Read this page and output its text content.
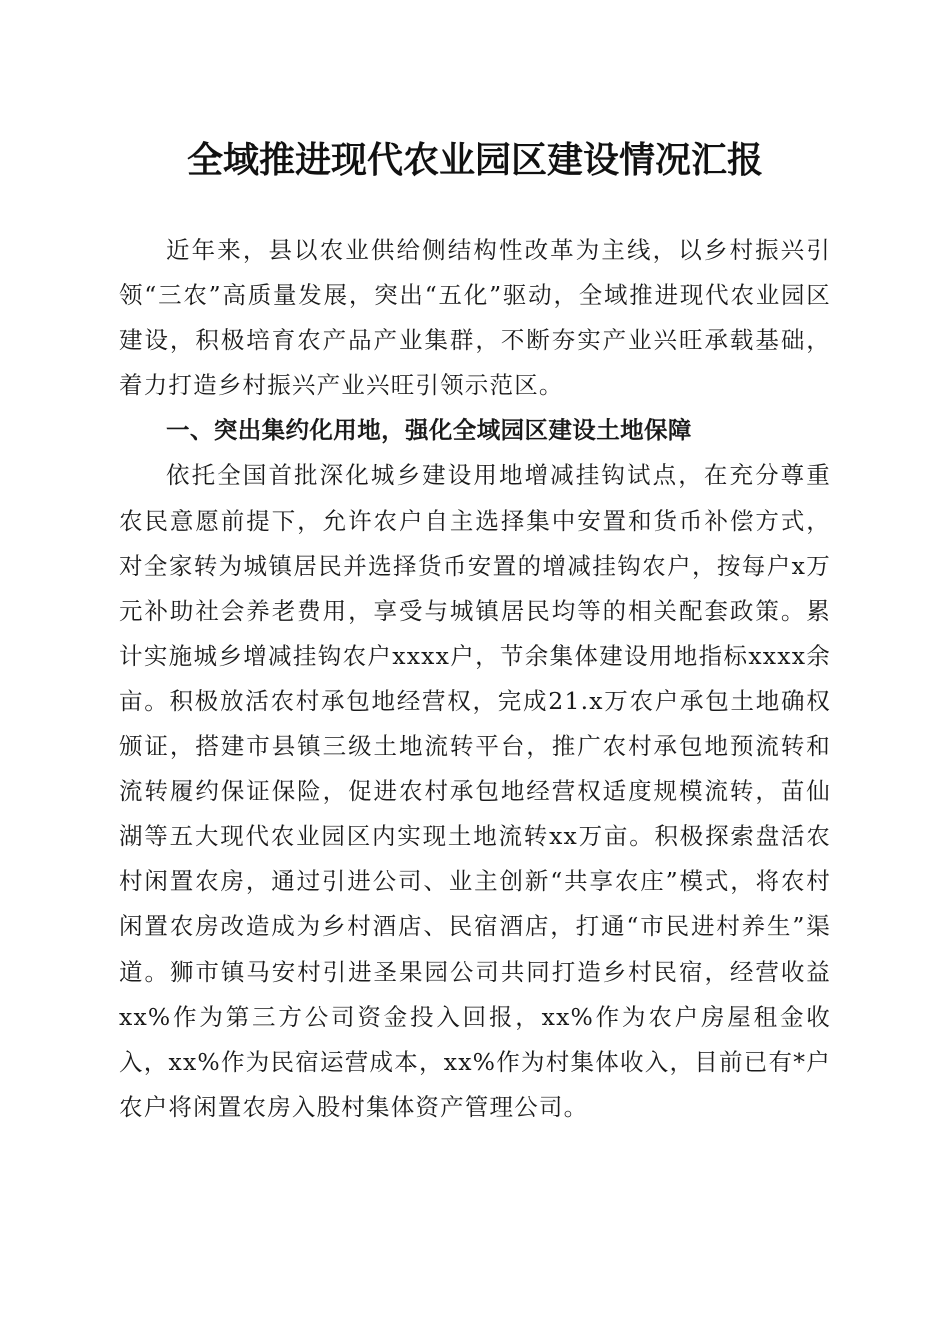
全域推进现代农业园区建设情况汇报

近年来，县以农业供给侧结构性改革为主线，以乡村振兴引领“三农”高质量发展，突出“五化”驱动，全域推进现代农业园区建设，积极培育农产品产业集群，不断夯实产业兴旺承载基础，着力打造乡村振兴产业兴旺引领示范区。

一、突出集约化用地，强化全域园区建设土地保障

依托全国首批深化城乡建设用地增减挂钩试点，在充分尊重农民意愿前提下，允许农户自主选择集中安置和货币补偿方式，对全家转为城镇居民并选择货币安置的增减挂钩农户，按每户x万元补助社会养老费用，享受与城镇居民均等的相关配套政策。累计实施城乡增减挂钩农户xxxx户，节余集体建设用地指标xxxx余亩。积极放活农村承包地经营权，完成21.x万农户承包土地确权颁证，搭建市县镇三级土地流转平台，推广农村承包地预流转和流转履约保证保险，促进农村承包地经营权适度规模流转，苗仙湖等五大现代农业园区内实现土地流转xx万亩。积极探索盘活农村闲置农房，通过引进公司、业主创新“共享农庄”模式，将农村闲置农房改造成为乡村酒店、民宿酒店，打通“市民进村养生”渠道。狮市镇马安村引进圣果园公司共同打造乡村民宿，经营收益xx%作为第三方公司资金投入回报，xx%作为农户房屋租金收入，xx%作为民宿运营成本，xx%作为村集体收入，目前已有*户农户将闲置农房入股村集体资产管理公司。
